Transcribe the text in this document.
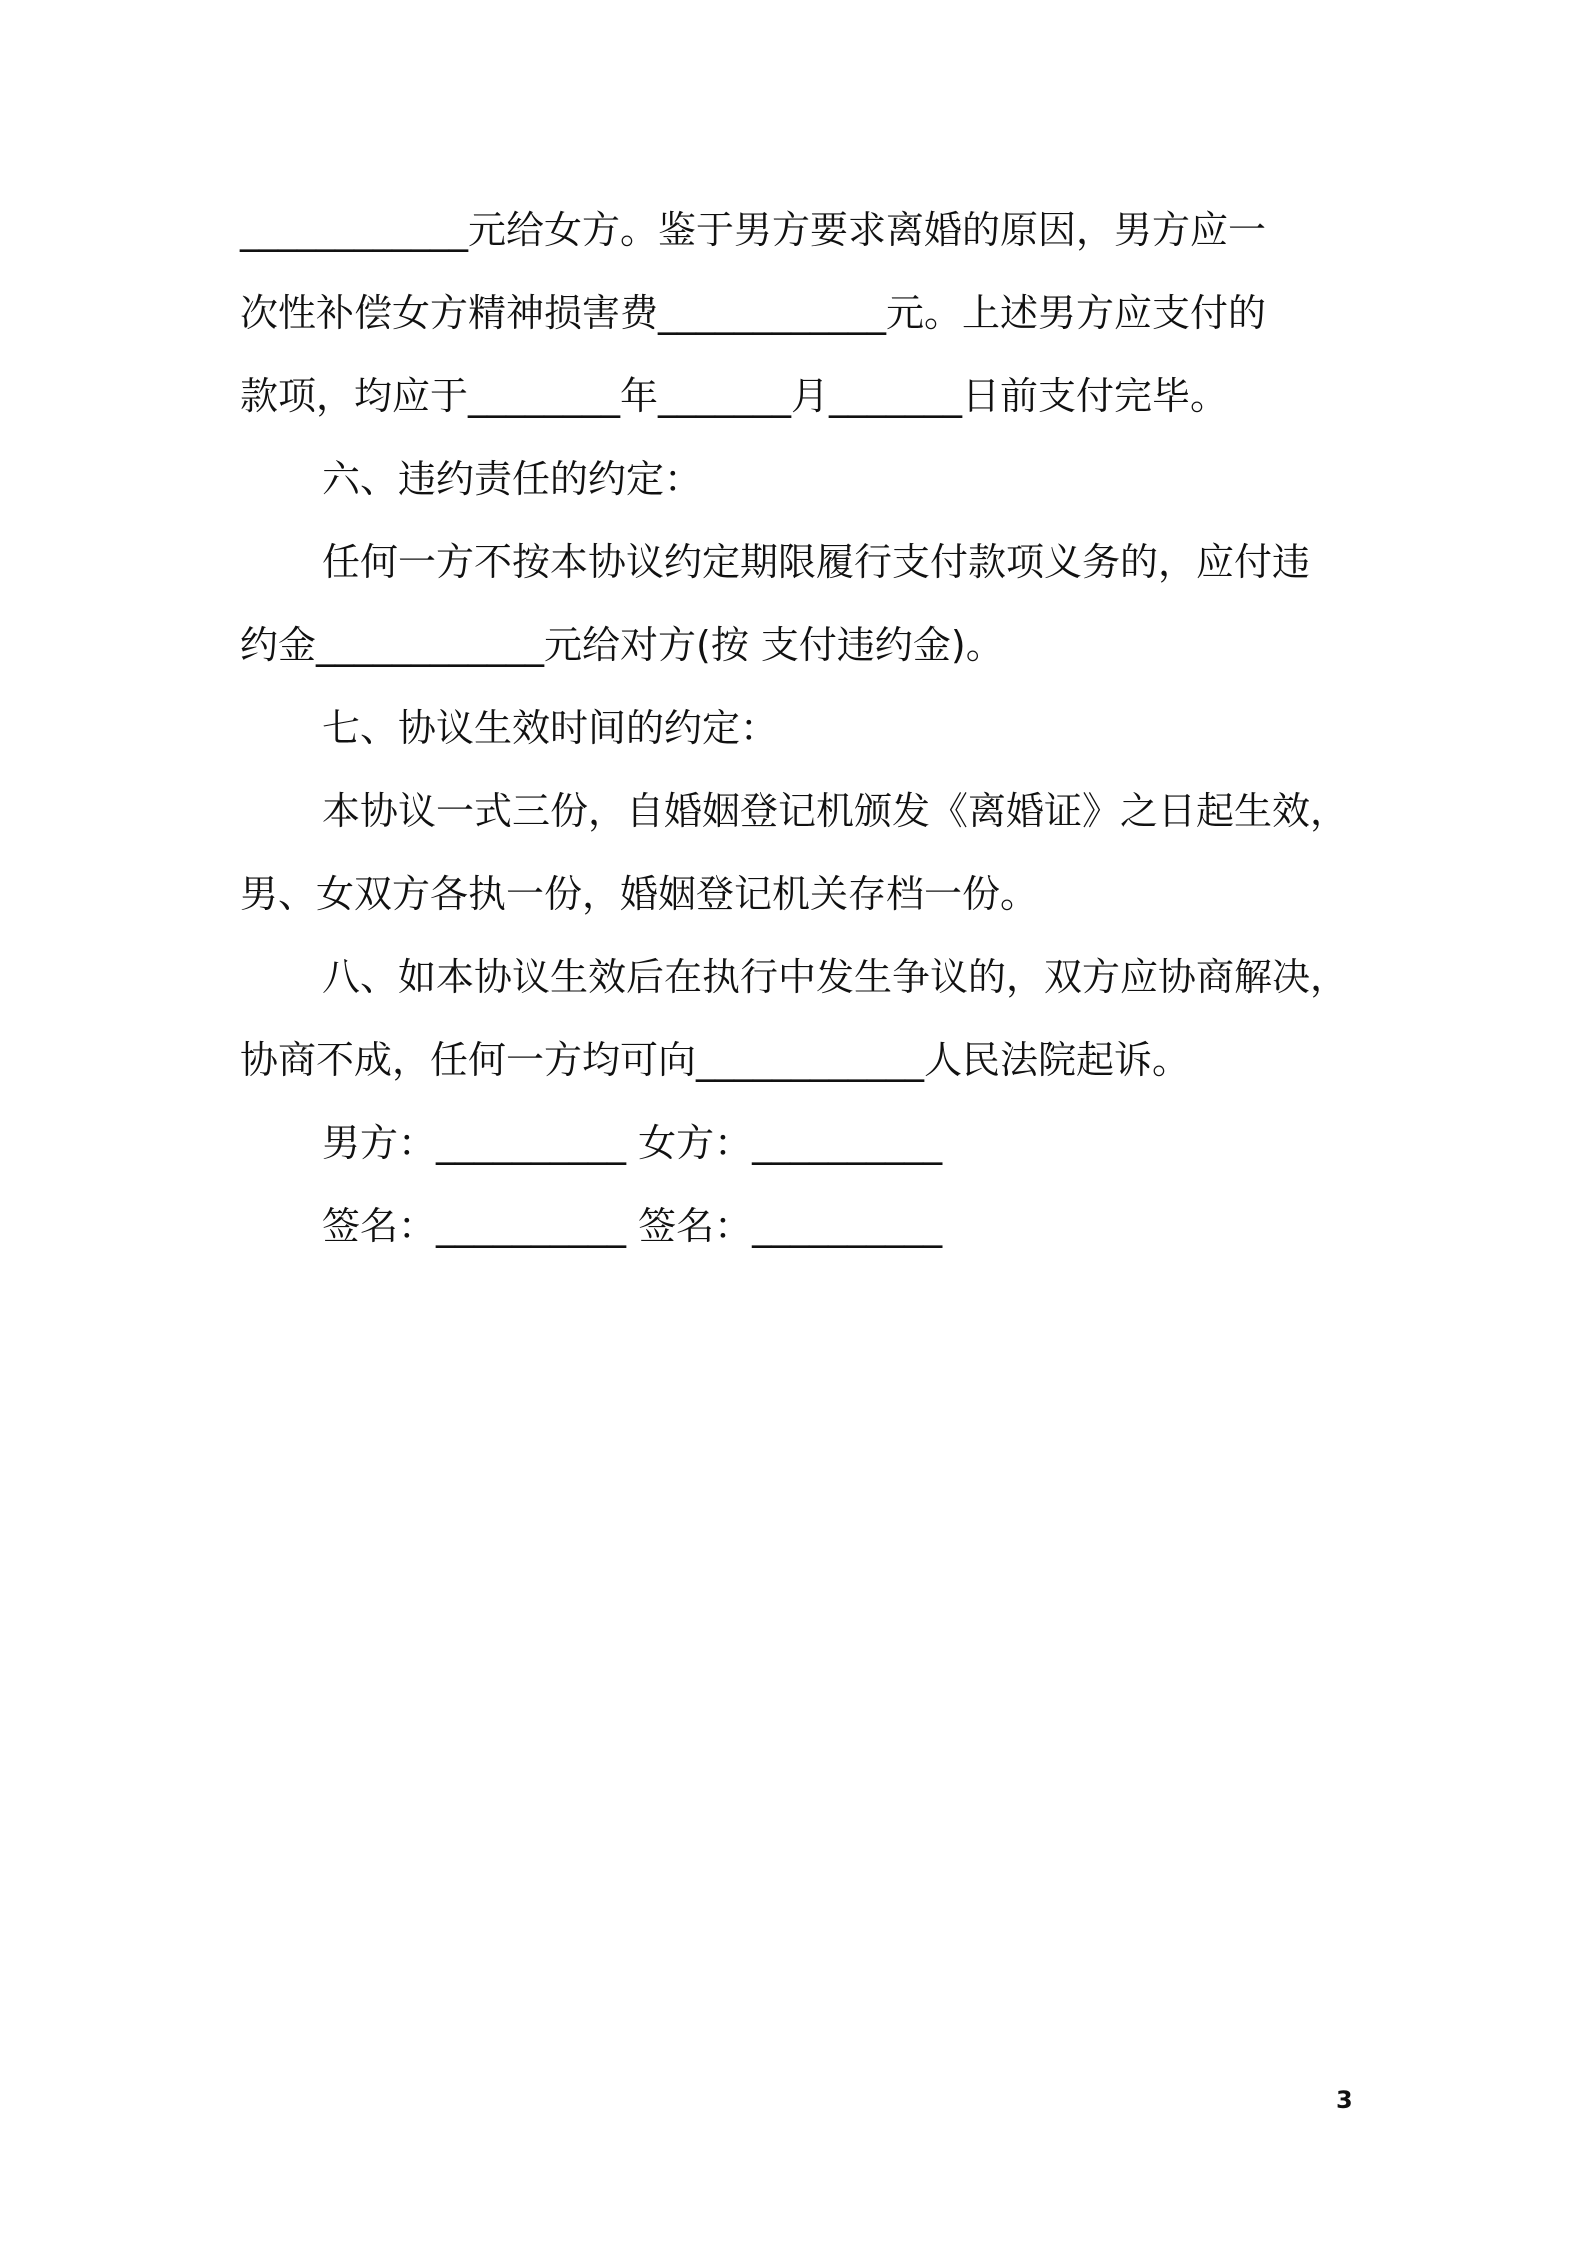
____________元给女方。鉴于男方要求离婚的原因，男方应一
次性补偿女方精神损害费____________元。上述男方应支付的
款项，均应于________年_______月_______日前支付完毕。
六、违约责任的约定：
任何一方不按本协议约定期限履行支付款项义务的，应付违
约金____________元给对方(按 支付违约金)。
七、协议生效时间的约定：
本协议一式三份，自婚姻登记机颁发《离婚证》之日起生效，
男、女双方各执一份，婚姻登记机关存档一份。
八、如本协议生效后在执行中发生争议的，双方应协商解决，
协商不成，任何一方均可向____________人民法院起诉。
男方：__________ 女方：__________
签名：__________ 签名：__________
3
